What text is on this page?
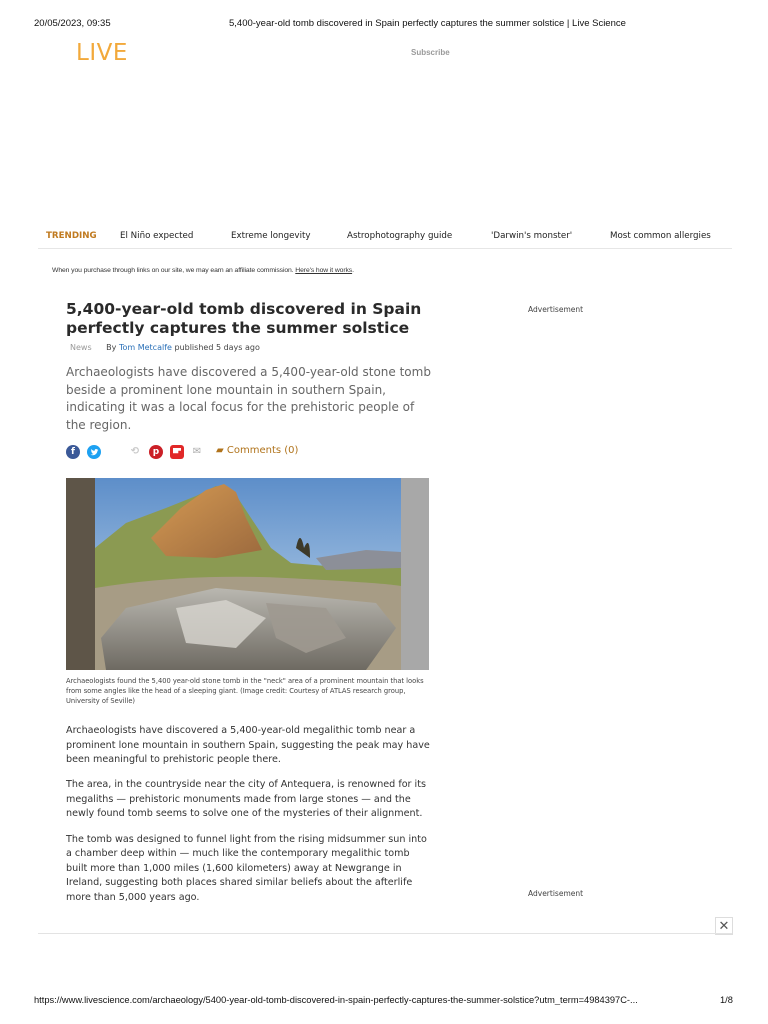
20/05/2023, 09:35	5,400-year-old tomb discovered in Spain perfectly captures the summer solstice | Live Science
LIVE	Subscribe
TRENDING	El Niño expected	Extreme longevity	Astrophotography guide	'Darwin's monster'	Most common allergies
When you purchase through links on our site, we may earn an affiliate commission. Here's how it works.
5,400-year-old tomb discovered in Spain perfectly captures the summer solstice
News By Tom Metcalfe published 5 days ago

Archaeologists have discovered a 5,400-year-old stone tomb beside a prominent lone mountain in southern Spain, indicating it was a local focus for the prehistoric people of the region.

f	⟲	p	✉ ▰ Comments (0)
Archaeologists found the 5,400 year-old stone tomb in the "neck" area of a prominent mountain that looks from some angles like the head of a sleeping giant. (Image credit: Courtesy of ATLAS research group, University of Seville)

Archaeologists have discovered a 5,400-year-old megalithic tomb near a prominent lone mountain in southern Spain, suggesting the peak may have been meaningful to prehistoric people there.

The area, in the countryside near the city of Antequera, is renowned for its megaliths — prehistoric monuments made from large stones — and the newly found tomb seems to solve one of the mysteries of their alignment.

The tomb was designed to funnel light from the rising midsummer sun into a chamber deep within — much like the contemporary megalithic tomb built more than 1,000 miles (1,600 kilometers) away at Newgrange in Ireland, suggesting both places shared similar beliefs about the afterlife more than 5,000 years ago.

Advertisement
Advertisement
✕
https://www.livescience.com/archaeology/5400-year-old-tomb-discovered-in-spain-perfectly-captures-the-summer-solstice?utm_term=4984397C-...	1/8
